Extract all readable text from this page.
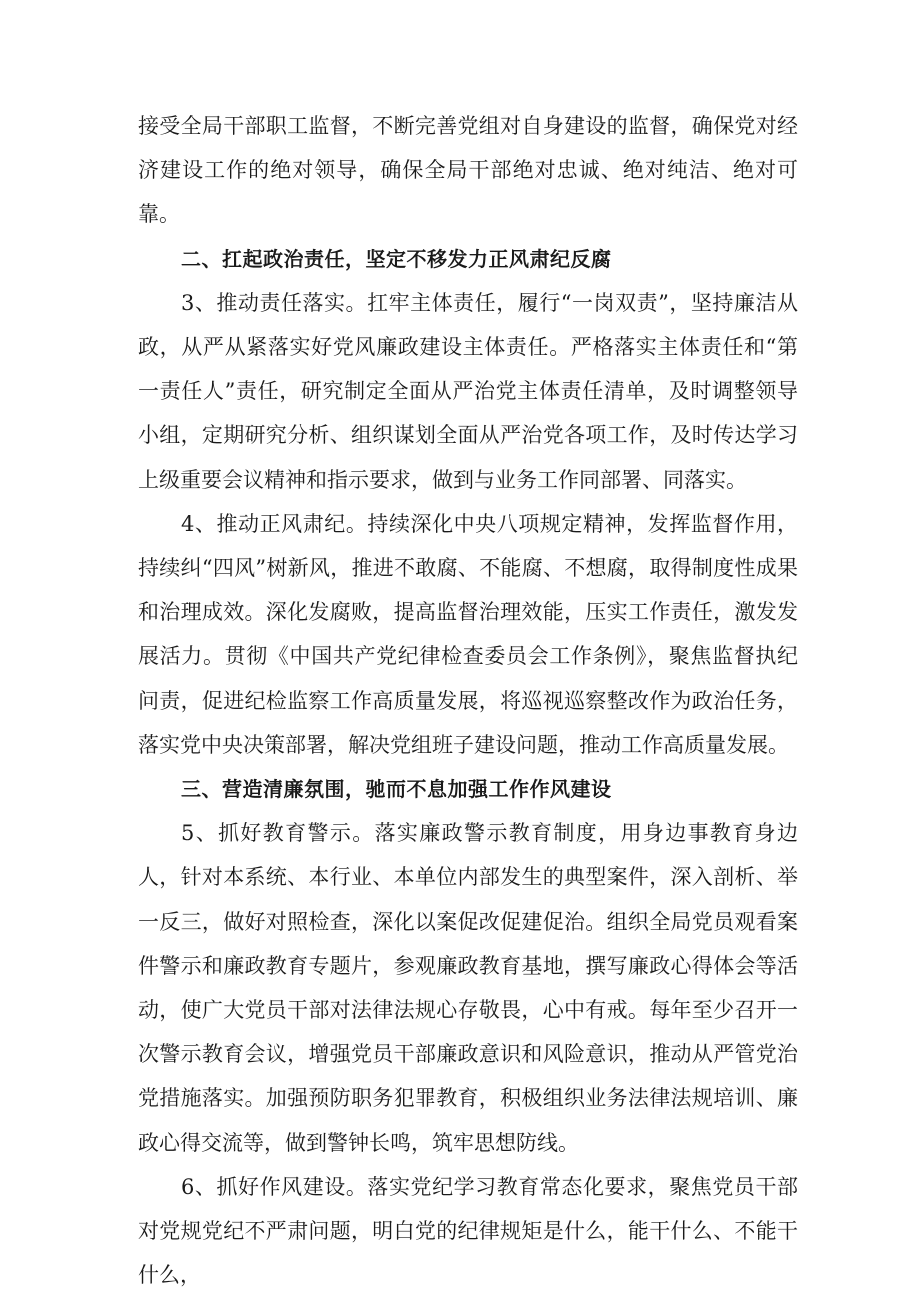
接受全局干部职工监督，不断完善党组对自身建设的监督，确保党对经济建设工作的绝对领导，确保全局干部绝对忠诚、绝对纯洁、绝对可靠。

二、扛起政治责任，坚定不移发力正风肃纪反腐

3、推动责任落实。扛牢主体责任，履行“一岗双责”，坚持廉洁从政，从严从紧落实好党风廉政建设主体责任。严格落实主体责任和“第一责任人”责任，研究制定全面从严治党主体责任清单，及时调整领导小组，定期研究分析、组织谋划全面从严治党各项工作，及时传达学习上级重要会议精神和指示要求，做到与业务工作同部署、同落实。

4、推动正风肃纪。持续深化中央八项规定精神，发挥监督作用，持续纠“四风”树新风，推进不敢腐、不能腐、不想腐，取得制度性成果和治理成效。深化发腐败，提高监督治理效能，压实工作责任，激发发展活力。贯彻《中国共产党纪律检查委员会工作条例》，聚焦监督执纪问责，促进纪检监察工作高质量发展，将巡视巡察整改作为政治任务，落实党中央决策部署，解决党组班子建设问题，推动工作高质量发展。

三、营造清廉氛围，驰而不息加强工作作风建设

5、抓好教育警示。落实廉政警示教育制度，用身边事教育身边人，针对本系统、本行业、本单位内部发生的典型案件，深入剖析、举一反三，做好对照检查，深化以案促改促建促治。组织全局党员观看案件警示和廉政教育专题片，参观廉政教育基地，撰写廉政心得体会等活动，使广大党员干部对法律法规心存敬畏，心中有戒。每年至少召开一次警示教育会议，增强党员干部廉政意识和风险意识，推动从严管党治党措施落实。加强预防职务犯罪教育，积极组织业务法律法规培训、廉政心得交流等，做到警钟长鸣，筑牢思想防线。

6、抓好作风建设。落实党纪学习教育常态化要求，聚焦党员干部对党规党纪不严肃问题，明白党的纪律规矩是什么，能干什么、不能干什么，
